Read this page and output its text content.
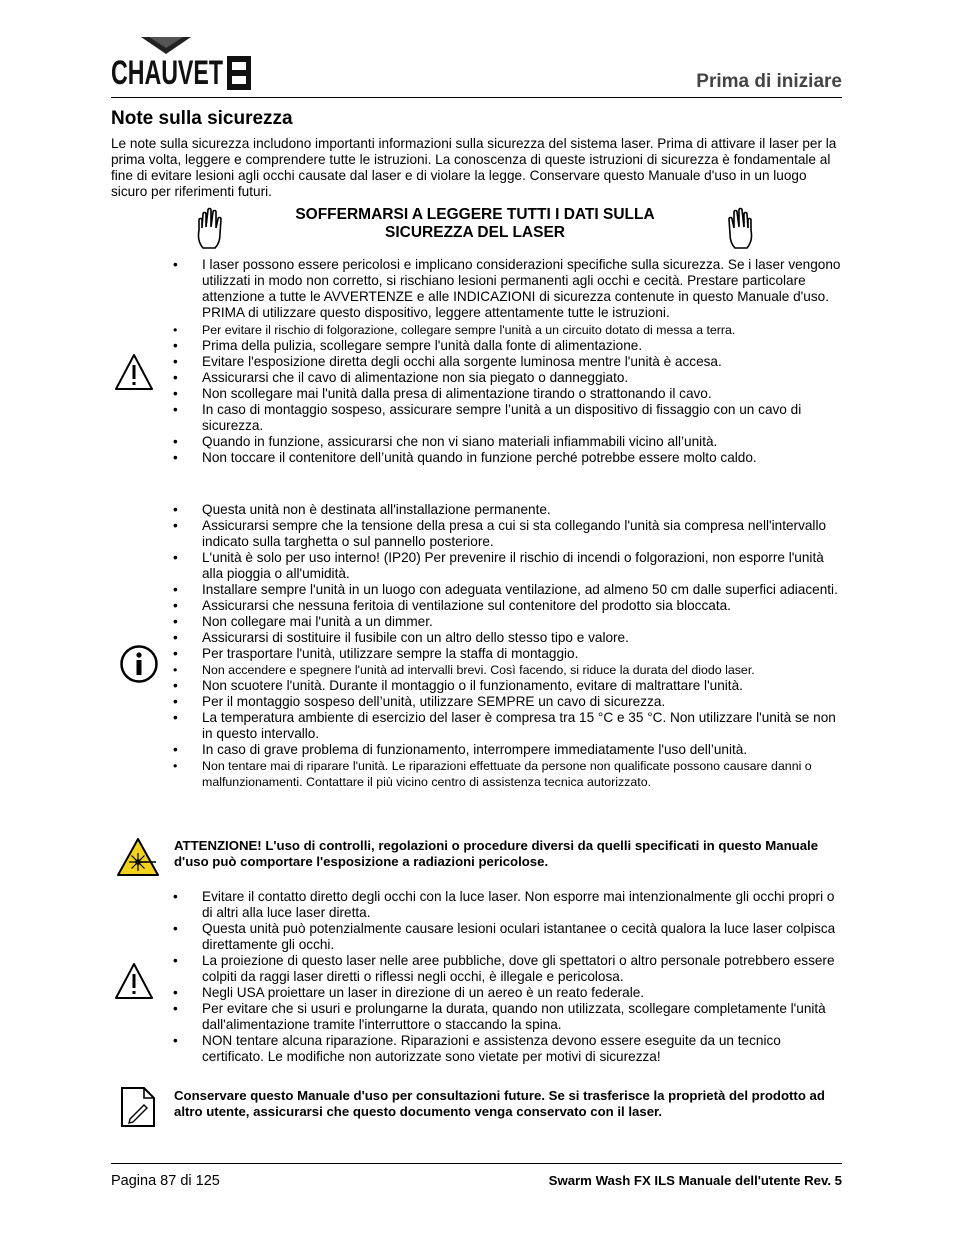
CHAUVET	Prima di iniziare
Note sulla sicurezza
Le note sulla sicurezza includono importanti informazioni sulla sicurezza del sistema laser. Prima di attivare il laser per la prima volta, leggere e comprendere tutte le istruzioni. La conoscenza di queste istruzioni di sicurezza è fondamentale al fine di evitare lesioni agli occhi causate dal laser e di violare la legge. Conservare questo Manuale d'uso in un luogo sicuro per riferimenti futuri.
SOFFERMARSI A LEGGERE TUTTI I DATI SULLA
SICUREZZA DEL LASER
• I laser possono essere pericolosi e implicano considerazioni specifiche sulla sicurezza. Se i laser vengono utilizzati in modo non corretto, si rischiano lesioni permanenti agli occhi e cecità. Prestare particolare attenzione a tutte le AVVERTENZE e alle INDICAZIONI di sicurezza contenute in questo Manuale d'uso. PRIMA di utilizzare questo dispositivo, leggere attentamente tutte le istruzioni.
• Per evitare il rischio di folgorazione, collegare sempre l'unità a un circuito dotato di messa a terra.
• Prima della pulizia, scollegare sempre l'unità dalla fonte di alimentazione.
• Evitare l'esposizione diretta degli occhi alla sorgente luminosa mentre l'unità è accesa.
• Assicurarsi che il cavo di alimentazione non sia piegato o danneggiato.
• Non scollegare mai l'unità dalla presa di alimentazione tirando o strattonando il cavo.
• In caso di montaggio sospeso, assicurare sempre l’unità a un dispositivo di fissaggio con un cavo di sicurezza.
• Quando in funzione, assicurarsi che non vi siano materiali infiammabili vicino all’unità.
• Non toccare il contenitore dell’unità quando in funzione perché potrebbe essere molto caldo.
• Questa unità non è destinata all'installazione permanente.
• Assicurarsi sempre che la tensione della presa a cui si sta collegando l'unità sia compresa nell'intervallo indicato sulla targhetta o sul pannello posteriore.
• L'unità è solo per uso interno! (IP20) Per prevenire il rischio di incendi o folgorazioni, non esporre l'unità alla pioggia o all'umidità.
• Installare sempre l'unità in un luogo con adeguata ventilazione, ad almeno 50 cm dalle superfici adiacenti.
• Assicurarsi che nessuna feritoia di ventilazione sul contenitore del prodotto sia bloccata.
• Non collegare mai l'unità a un dimmer.
• Assicurarsi di sostituire il fusibile con un altro dello stesso tipo e valore.
• Per trasportare l'unità, utilizzare sempre la staffa di montaggio.
• Non accendere e spegnere l'unità ad intervalli brevi. Così facendo, si riduce la durata del diodo laser.
• Non scuotere l'unità. Durante il montaggio o il funzionamento, evitare di maltrattare l'unità.
• Per il montaggio sospeso dell’unità, utilizzare SEMPRE un cavo di sicurezza.
• La temperatura ambiente di esercizio del laser è compresa tra 15 °C e 35 °C. Non utilizzare l'unità se non in questo intervallo.
• In caso di grave problema di funzionamento, interrompere immediatamente l'uso dell’unità.
• Non tentare mai di riparare l'unità. Le riparazioni effettuate da persone non qualificate possono causare danni o malfunzionamenti. Contattare il più vicino centro di assistenza tecnica autorizzato.
ATTENZIONE! L'uso di controlli, regolazioni o procedure diversi da quelli specificati in questo Manuale d'uso può comportare l'esposizione a radiazioni pericolose.
• Evitare il contatto diretto degli occhi con la luce laser. Non esporre mai intenzionalmente gli occhi propri o di altri alla luce laser diretta.
• Questa unità può potenzialmente causare lesioni oculari istantanee o cecità qualora la luce laser colpisca direttamente gli occhi.
• La proiezione di questo laser nelle aree pubbliche, dove gli spettatori o altro personale potrebbero essere colpiti da raggi laser diretti o riflessi negli occhi, è illegale e pericolosa.
• Negli USA proiettare un laser in direzione di un aereo è un reato federale.
• Per evitare che si usuri e prolungarne la durata, quando non utilizzata, scollegare completamente l'unità dall'alimentazione tramite l'interruttore o staccando la spina.
• NON tentare alcuna riparazione. Riparazioni e assistenza devono essere eseguite da un tecnico certificato. Le modifiche non autorizzate sono vietate per motivi di sicurezza!
Conservare questo Manuale d'uso per consultazioni future. Se si trasferisce la proprietà del prodotto ad altro utente, assicurarsi che questo documento venga conservato con il laser.
Pagina 87 di 125	Swarm Wash FX ILS Manuale dell'utente Rev. 5
